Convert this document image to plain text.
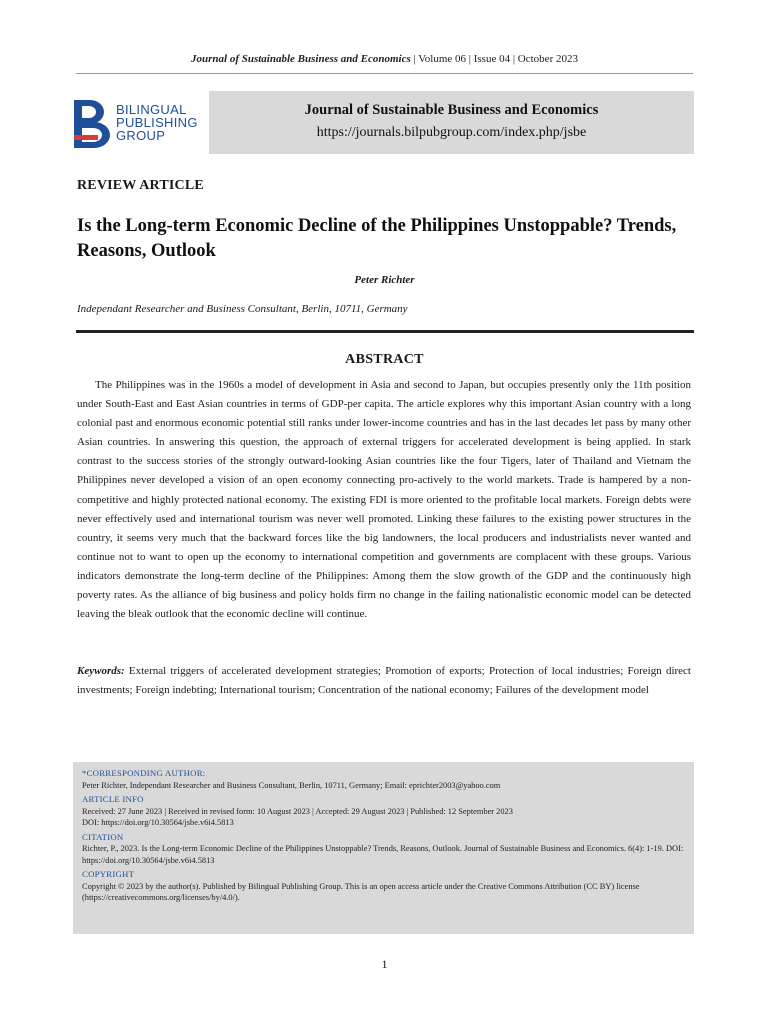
Journal of Sustainable Business and Economics | Volume 06 | Issue 04 | October 2023
BILINGUAL
PUBLISHING
GROUP
Journal of Sustainable Business and Economics
https://journals.bilpubgroup.com/index.php/jsbe
REVIEW ARTICLE
Is the Long-term Economic Decline of the Philippines Unstoppable? Trends, Reasons, Outlook
Peter Richter
Independant Researcher and Business Consultant, Berlin, 10711, Germany
ABSTRACT

The Philippines was in the 1960s a model of development in Asia and second to Japan, but occupies presently only the 11th position under South-East and East Asian countries in terms of GDP-per capita. The article explores why this important Asian country with a long colonial past and enormous economic potential still ranks under lower-income countries and has in the last decades let pass by many other Asian countries. In answering this question, the approach of external triggers for accelerated development is being applied. In stark contrast to the success stories of the strongly outward-looking Asian countries like the four Tigers, later of Thailand and Vietnam the Philippines never developed a vision of an open economy connecting pro-actively to the world markets. Trade is hampered by a non-competitive and highly protected national economy. The existing FDI is more oriented to the profitable local markets. Foreign debts were never effectively used and international tourism was never well promoted. Linking these failures to the existing power structures in the country, it seems very much that the backward forces like the big landowners, the local producers and industrialists never wanted and continue not to want to open up the economy to international competition and governments are complacent with these groups. Various indicators demonstrate the long-term decline of the Philippines: Among them the slow growth of the GDP and the continuously high poverty rates. As the alliance of big business and policy holds firm no change in the failing nationalistic economic model can be detected leaving the bleak outlook that the economic decline will continue.

Keywords: External triggers of accelerated development strategies; Promotion of exports; Protection of local industries; Foreign direct investments; Foreign indebting; International tourism; Concentration of the national economy; Failures of the development model

*CORRESPONDING AUTHOR:
Peter Richter, Independant Researcher and Business Consultant, Berlin, 10711, Germany; Email: eprichter2003@yahoo.com
ARTICLE INFO
Received: 27 June 2023 | Received in revised form: 10 August 2023 | Accepted: 29 August 2023 | Published: 12 September 2023
DOI: https://doi.org/10.30564/jsbe.v6i4.5813
CITATION
Richter, P., 2023. Is the Long-term Economic Decline of the Philippines Unstoppable? Trends, Reasons, Outlook. Journal of Sustainable Business and Economics. 6(4): 1-19. DOI: https://doi.org/10.30564/jsbe.v6i4.5813
COPYRIGHT
Copyright © 2023 by the author(s). Published by Bilingual Publishing Group. This is an open access article under the Creative Commons Attribution (CC BY) license (https://creativecommons.org/licenses/by/4.0/).
1
